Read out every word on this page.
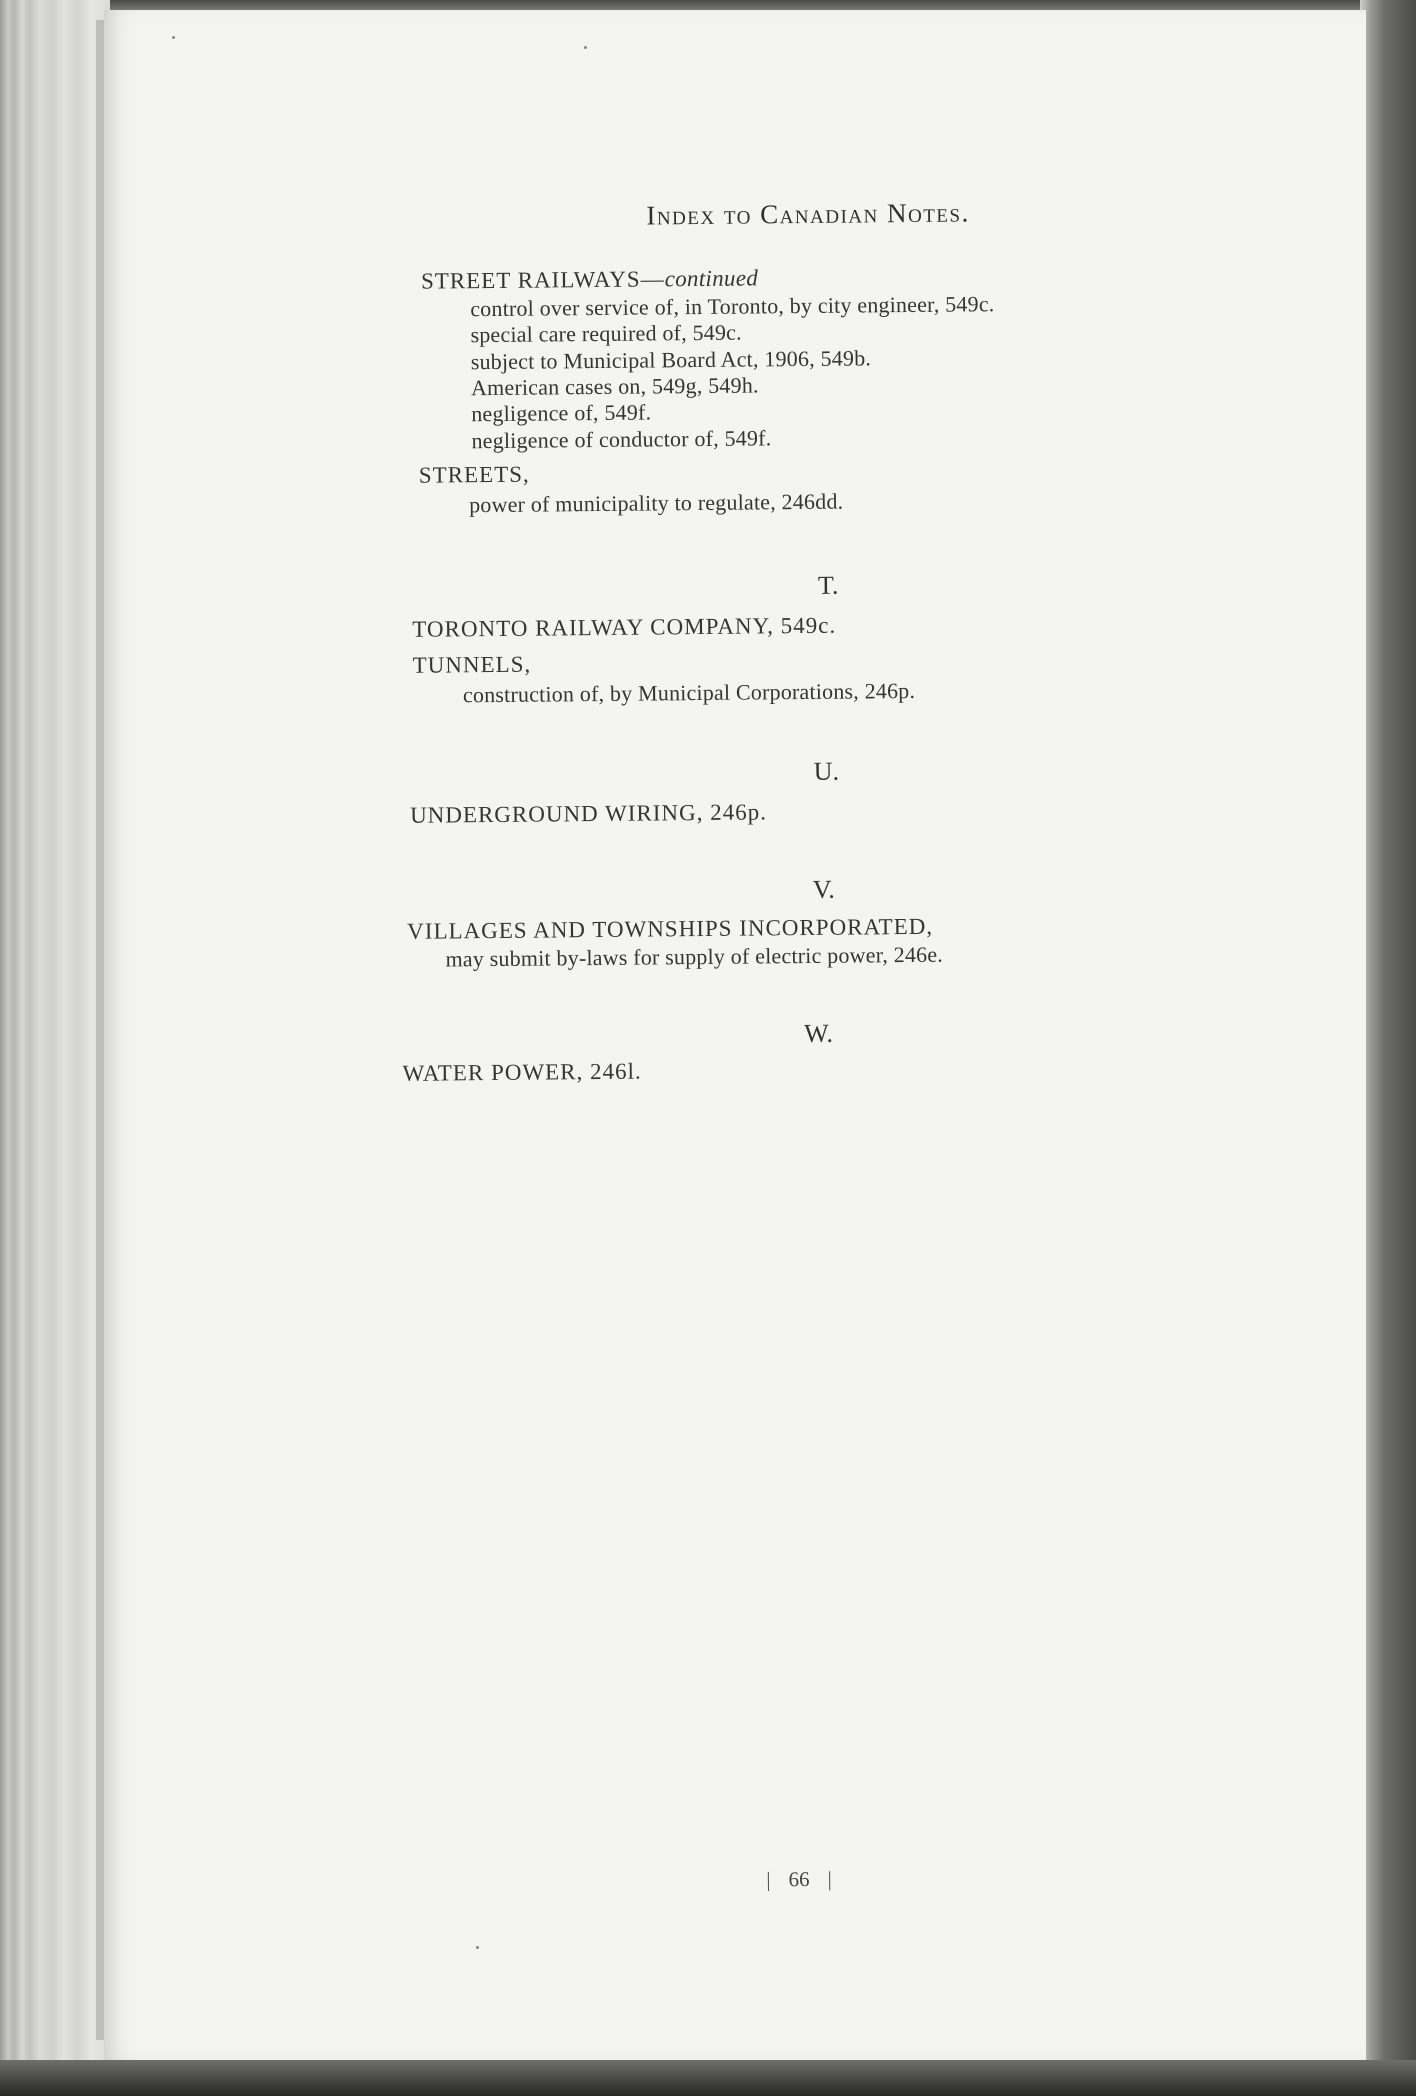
Index to Canadian Notes.
STREET RAILWAYS—continued
control over service of, in Toronto, by city engineer, 549c.
special care required of, 549c.
subject to Municipal Board Act, 1906, 549b.
American cases on, 549g, 549h.
negligence of, 549f.
negligence of conductor of, 549f.
STREETS,
power of municipality to regulate, 246dd.
T.
TORONTO RAILWAY COMPANY, 549c.
TUNNELS,
construction of, by Municipal Corporations, 246p.
U.
UNDERGROUND WIRING, 246p.
V.
VILLAGES AND TOWNSHIPS INCORPORATED,
may submit by-laws for supply of electric power, 246e.
W.
WATER POWER, 246l.
| 66 |
